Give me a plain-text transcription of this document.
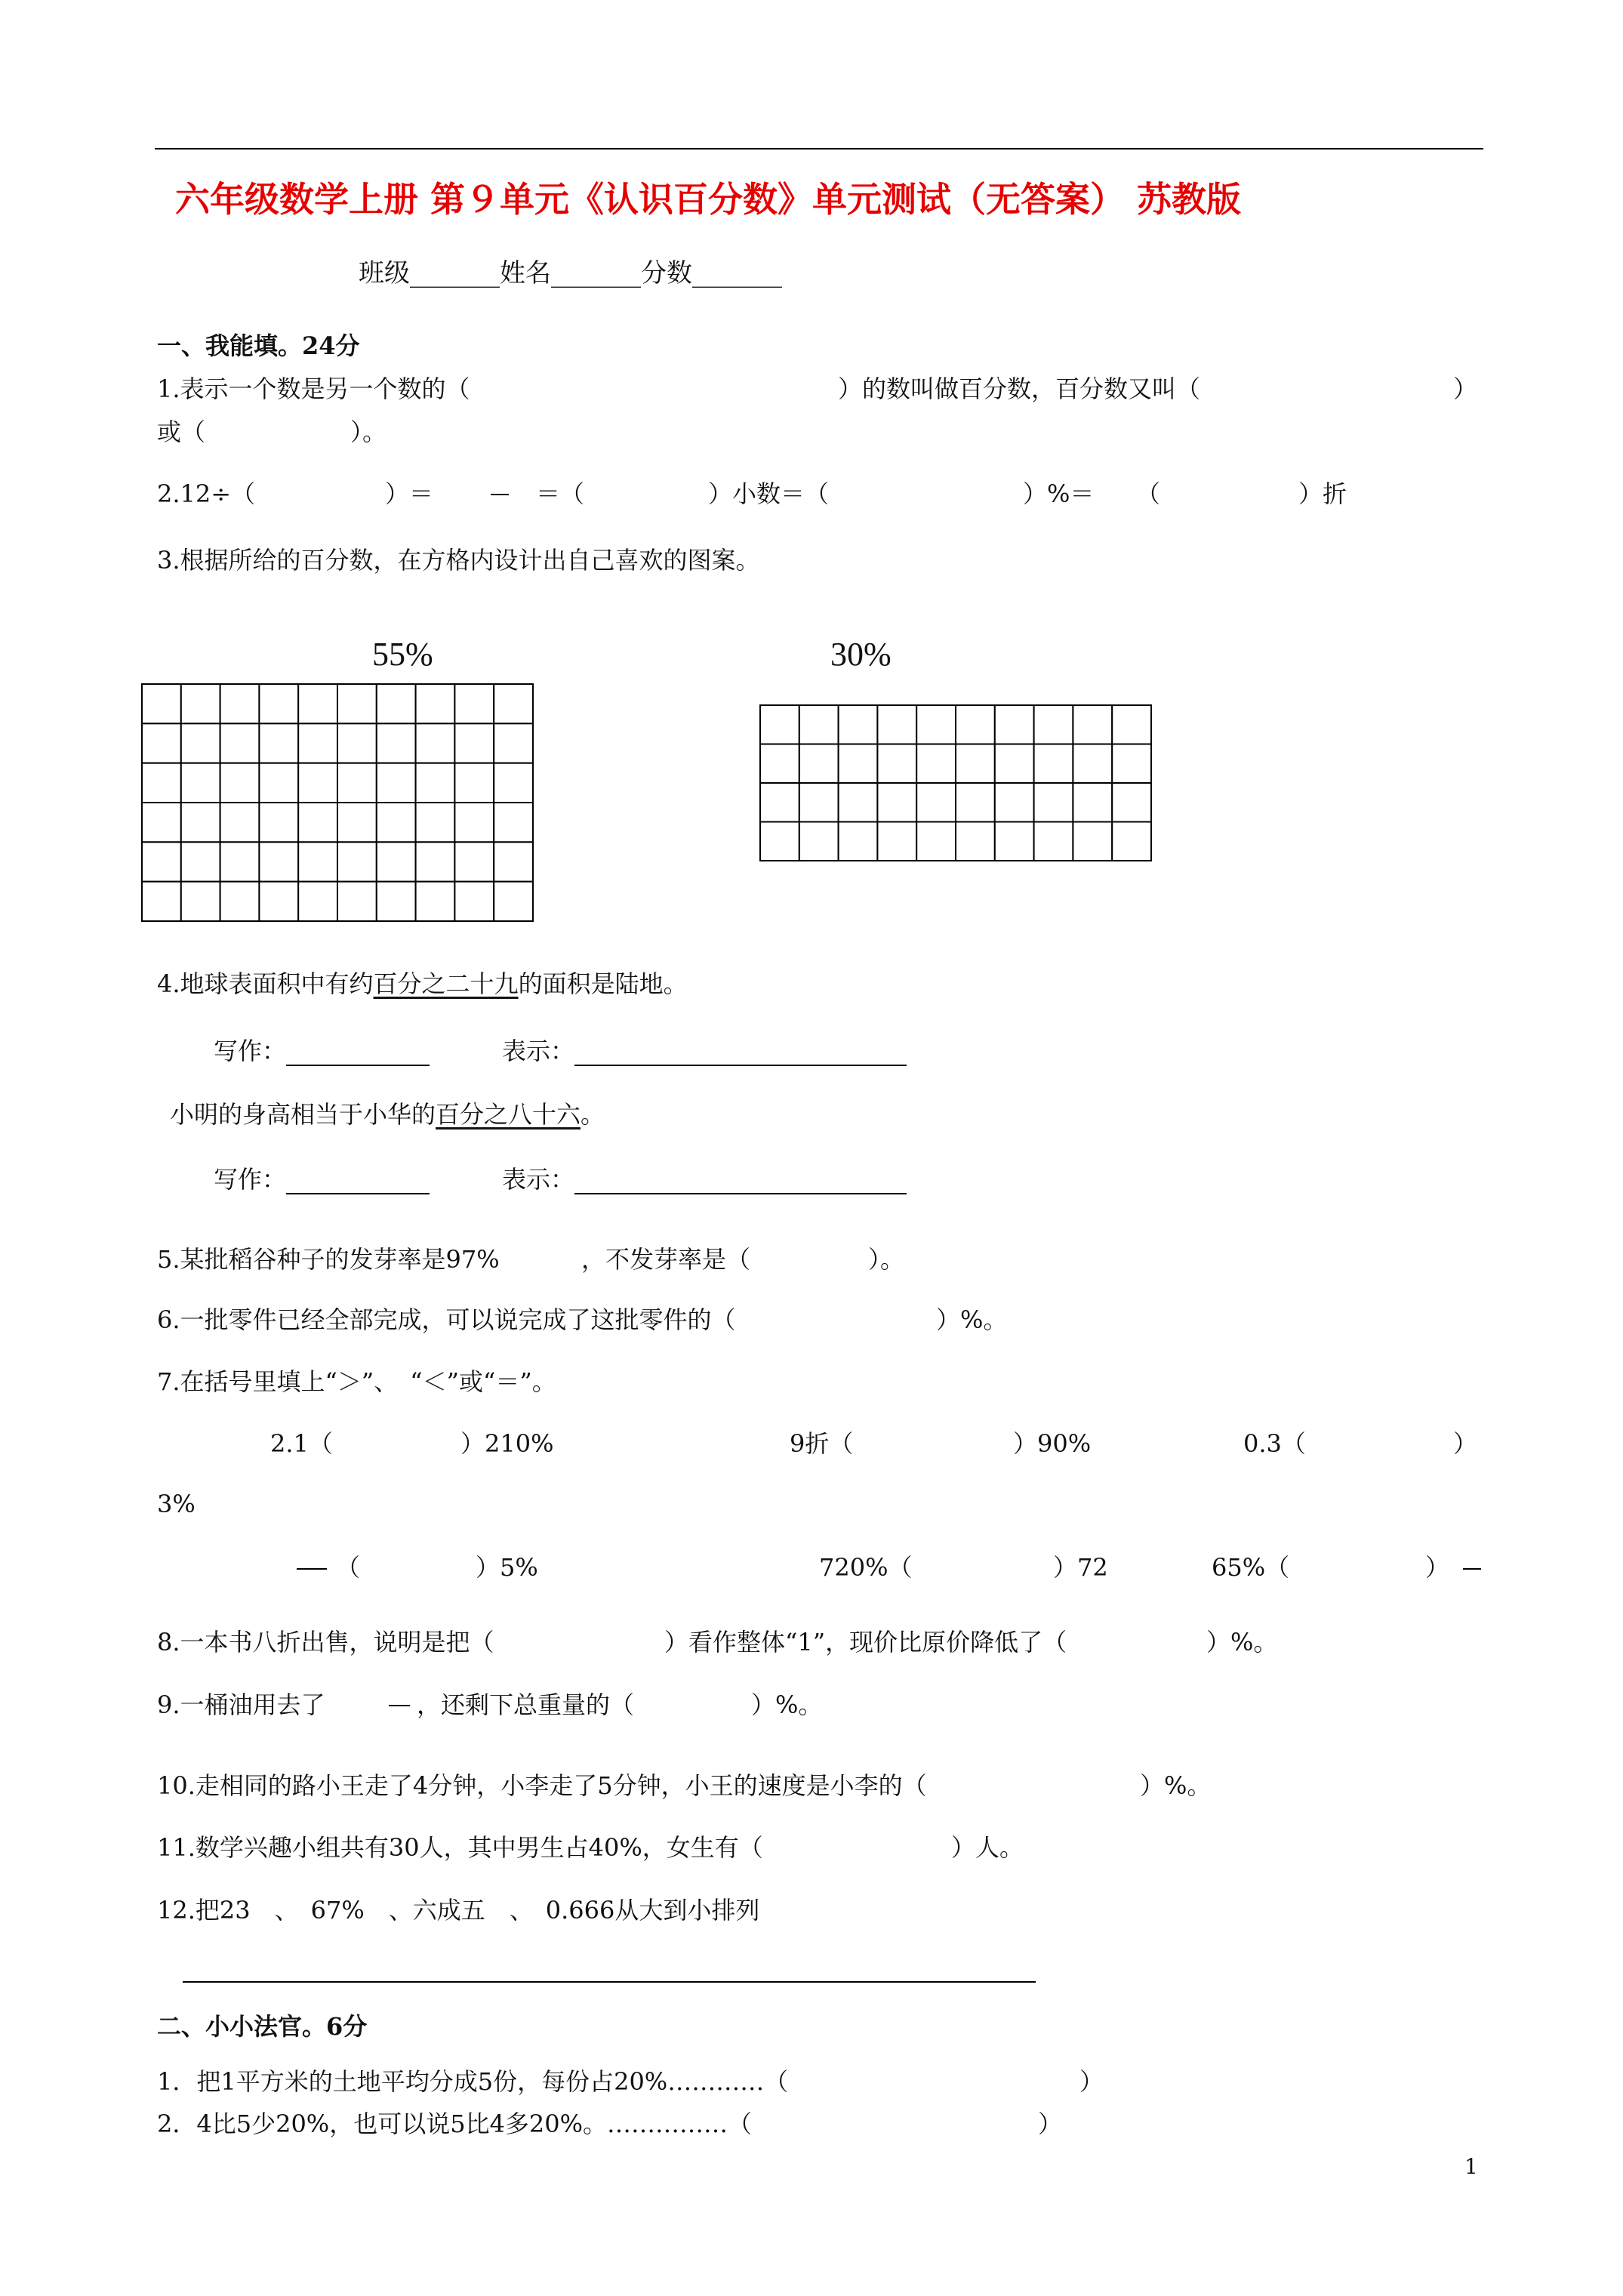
六年级数学上册 第９单元《认识百分数》单元测试（无答案） 苏教版
班级_______姓名_______分数_______
一、我能填。24分
1.表示一个数是另一个数的（	）的数叫做百分数，百分数又叫（	）
或（　　　　　　）。
2.12÷（	）＝	＝（	）小数＝（	）%＝ （	）折
3.根据所给的百分数，在方格内设计出自己喜欢的图案。
55%	30%
4.地球表面积中有约百分之二十九的面积是陆地。
写作：	表示：
小明的身高相当于小华的百分之八十六。
写作：	表示：
5.某批稻谷种子的发芽率是97%	，不发芽率是（	）。
6.一批零件已经全部完成，可以说完成了这批零件的（	）%。
7.在括号里填上“＞”、　“＜”或“＝”。
2.1（	）210%	9折（	）90%	0.3（	）
3%
（	）5%	720%（	）72	65%（	）
8.一本书八折出售，说明是把（	）看作整体“1”，现价比原价降低了（	）%。
9.一桶油用去了	，还剩下总重量的（	）%。
10.走相同的路小王走了4分钟，小李走了5分钟，小王的速度是小李的（	）%。
11.数学兴趣小组共有30人，其中男生占40%，女生有（	）人。
12.把23　、　67%　、六成五　、　0.666从大到小排列
二、小小法官。6分
1．把1平方米的土地平均分成5份，每份占20%…………（	）
2．4比5少20%，也可以说5比4多20%。……………（	）
1
